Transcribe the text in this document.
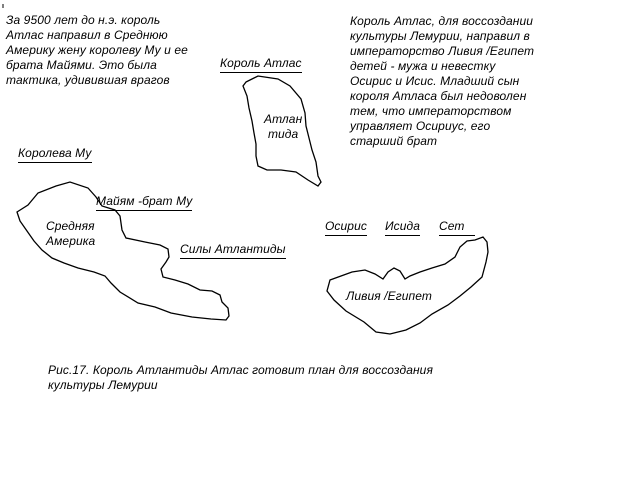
За 9500 лет до н.э. король
Атлас направил в Среднюю
Америку жену королеву Му и ее
брата Майями. Это была
тактика, удивившая врагов
Король Атлас, для воссоздании
культуры Лемурии, направил в
императорство Ливия /Египет
детей - мужа и невестку
Осирис и Исис. Младший сын
короля Атласа был недоволен
тем, что императорством
управляет Осириус, его
старший брат
Король Атлас
Атлан
тида
Королева Му
Майям -брат Му
Средняя
Америка
Силы Атлантиды
Осирис Исида Сет
Ливия /Египет
Рис.17. Король Атлантиды Атлас готовит план для воссоздания
культуры Лемурии
